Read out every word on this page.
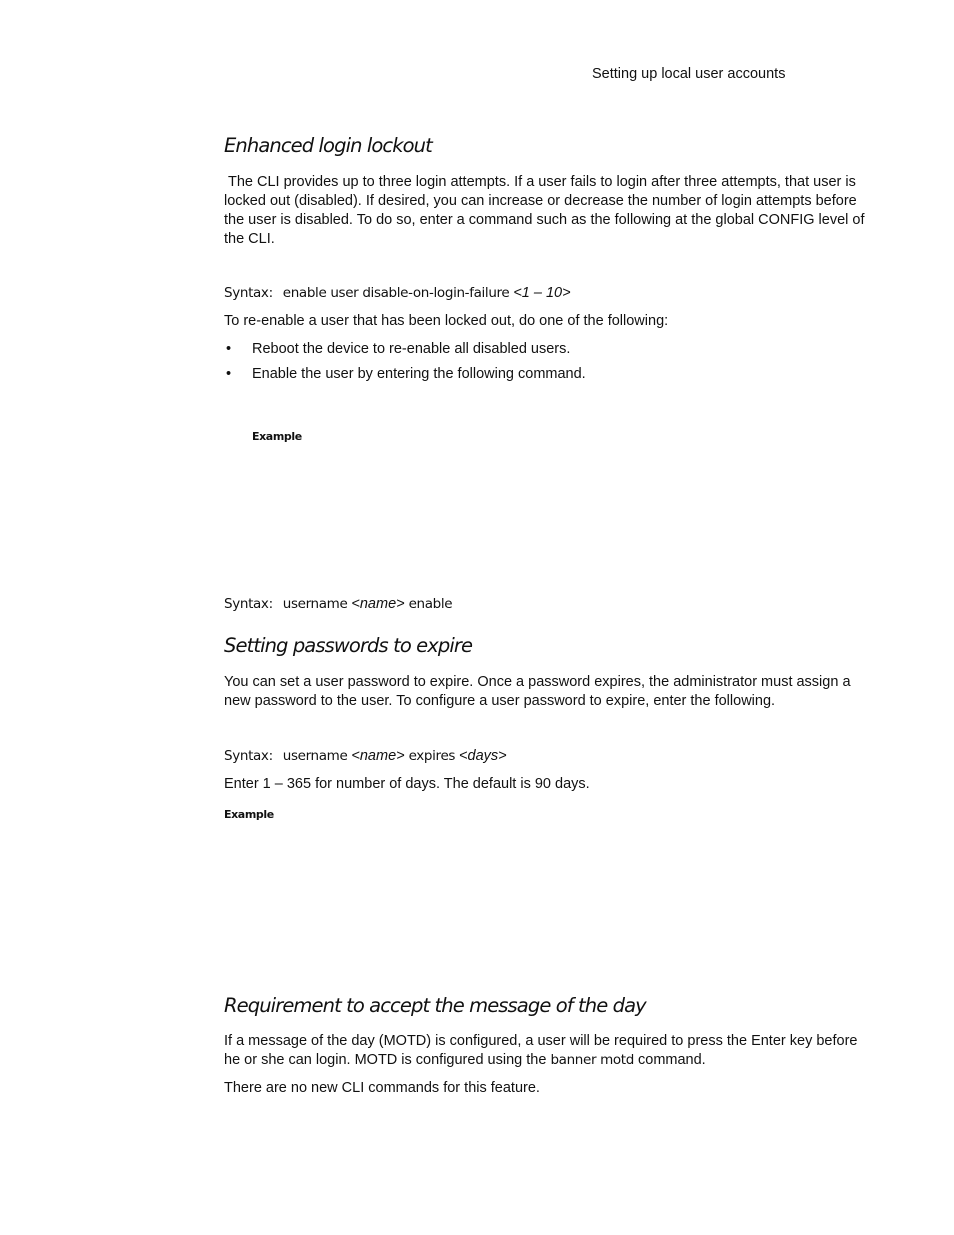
Setting up local user accounts
Enhanced login lockout

The CLI provides up to three login attempts. If a user fails to login after three attempts, that user is locked out (disabled). If desired, you can increase or decrease the number of login attempts before the user is disabled. To do so, enter a command such as the following at the global CONFIG level of the CLI.

Syntax: enable user disable-on-login-failure <1 – 10>

To re-enable a user that has been locked out, do one of the following:

• Reboot the device to re-enable all disabled users.
• Enable the user by entering the following command.
Example
Syntax: username <name> enable
Setting passwords to expire

You can set a user password to expire. Once a password expires, the administrator must assign a new password to the user. To configure a user password to expire, enter the following.

Syntax: username <name> expires <days>

Enter 1 – 365 for number of days. The default is 90 days.

Example
Requirement to accept the message of the day

If a message of the day (MOTD) is configured, a user will be required to press the Enter key before he or she can login. MOTD is configured using the banner motd command.

There are no new CLI commands for this feature.
